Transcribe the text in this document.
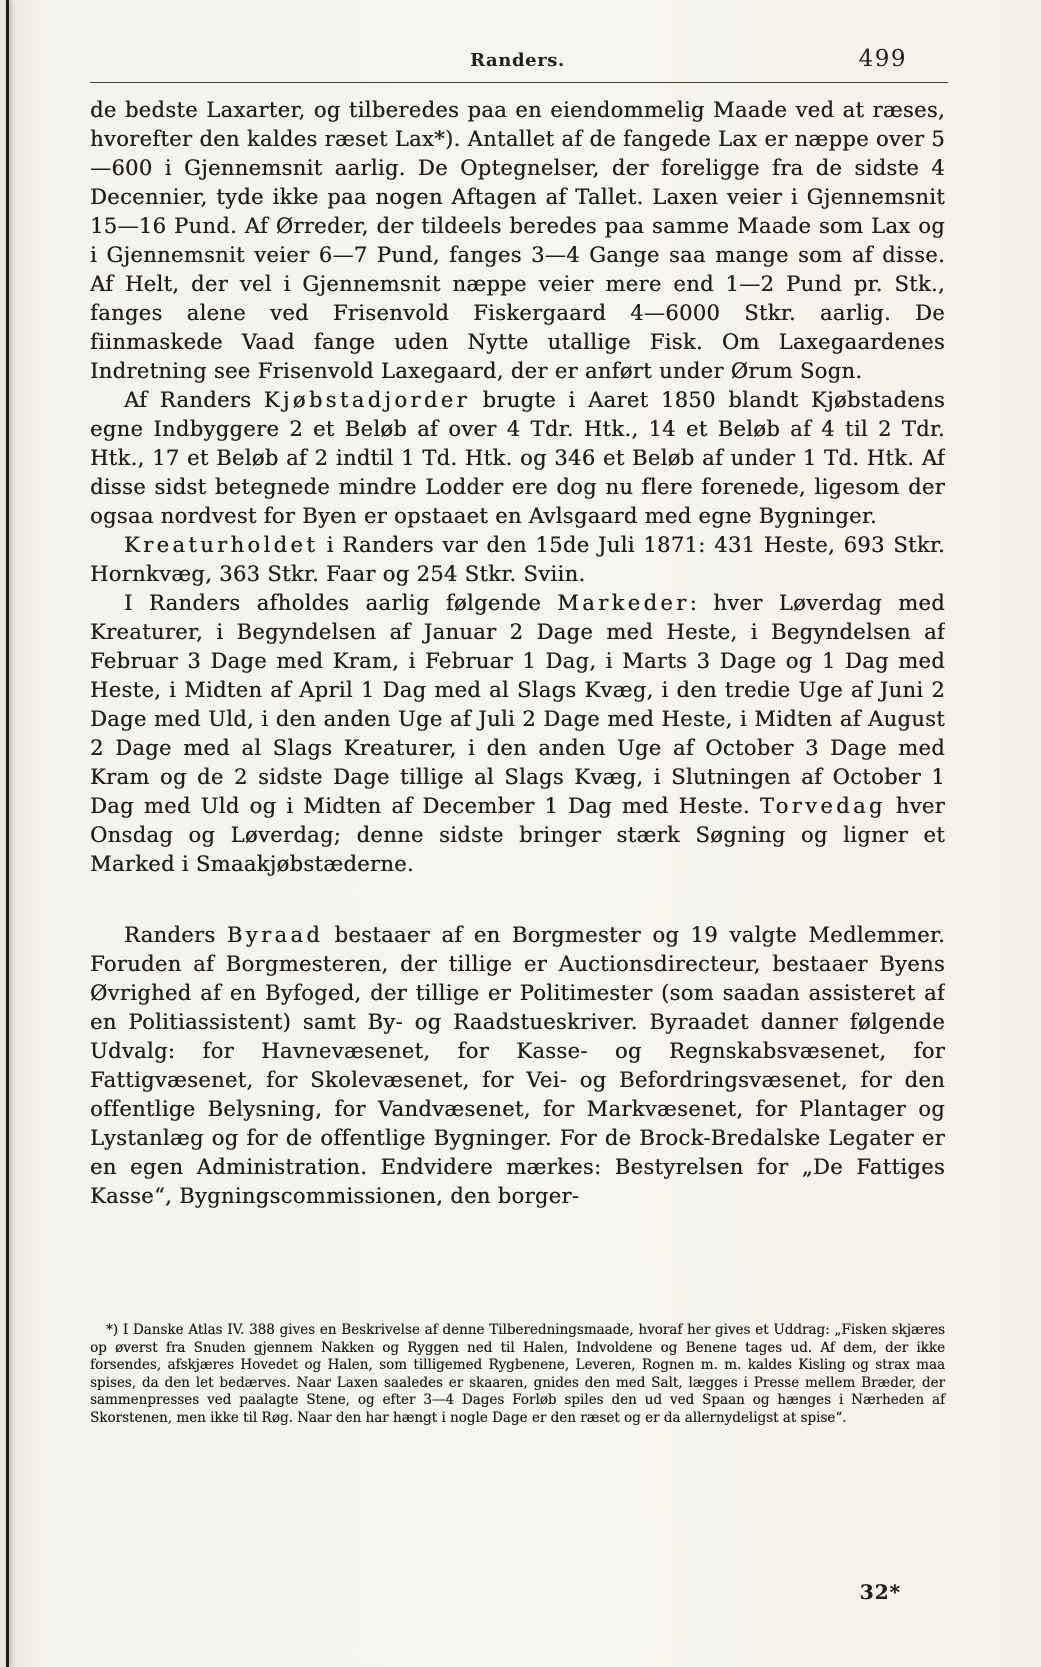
Randers.	499

de bedste Laxarter, og tilberedes paa en eiendommelig Maade ved at ræses, hvorefter den kaldes ræset Lax*). Antallet af de fangede Lax er næppe over 5—600 i Gjennemsnit aarlig. De Optegnelser, der foreligge fra de sidste 4 Decennier, tyde ikke paa nogen Aftagen af Tallet. Laxen veier i Gjennemsnit 15—16 Pund. Af Ørreder, der tildeels beredes paa samme Maade som Lax og i Gjennemsnit veier 6—7 Pund, fanges 3—4 Gange saa mange som af disse. Af Helt, der vel i Gjennemsnit næppe veier mere end 1—2 Pund pr. Stk., fanges alene ved Frisenvold Fiskergaard 4—6000 Stkr. aarlig. De fiinmaskede Vaad fange uden Nytte utallige Fisk. Om Laxegaardenes Indretning see Frisenvold Laxegaard, der er anført under Ørum Sogn.

Af Randers Kjøbstadjorder brugte i Aaret 1850 blandt Kjøbstadens egne Indbyggere 2 et Beløb af over 4 Tdr. Htk., 14 et Beløb af 4 til 2 Tdr. Htk., 17 et Beløb af 2 indtil 1 Td. Htk. og 346 et Beløb af under 1 Td. Htk. Af disse sidst betegnede mindre Lodder ere dog nu flere forenede, ligesom der ogsaa nordvest for Byen er opstaaet en Avlsgaard med egne Bygninger.

Kreaturholdet i Randers var den 15de Juli 1871: 431 Heste, 693 Stkr. Hornkvæg, 363 Stkr. Faar og 254 Stkr. Sviin.

I Randers afholdes aarlig følgende Markeder: hver Løverdag med Kreaturer, i Begyndelsen af Januar 2 Dage med Heste, i Begyndelsen af Februar 3 Dage med Kram, i Februar 1 Dag, i Marts 3 Dage og 1 Dag med Heste, i Midten af April 1 Dag med al Slags Kvæg, i den tredie Uge af Juni 2 Dage med Uld, i den anden Uge af Juli 2 Dage med Heste, i Midten af August 2 Dage med al Slags Kreaturer, i den anden Uge af October 3 Dage med Kram og de 2 sidste Dage tillige al Slags Kvæg, i Slutningen af October 1 Dag med Uld og i Midten af December 1 Dag med Heste. Torvedag hver Onsdag og Løverdag; denne sidste bringer stærk Søgning og ligner et Marked i Smaakjøbstæderne.

Randers Byraad bestaaer af en Borgmester og 19 valgte Medlemmer. Foruden af Borgmesteren, der tillige er Auctionsdirecteur, bestaaer Byens Øvrighed af en Byfoged, der tillige er Politimester (som saadan assisteret af en Politiassistent) samt By- og Raadstueskriver. Byraadet danner følgende Udvalg: for Havnevæsenet, for Kasse- og Regnskabsvæsenet, for Fattigvæsenet, for Skolevæsenet, for Vei- og Befordringsvæsenet, for den offentlige Belysning, for Vandvæsenet, for Markvæsenet, for Plantager og Lystanlæg og for de offentlige Bygninger. For de Brock-Bredalske Legater er en egen Administration. Endvidere mærkes: Bestyrelsen for „De Fattiges Kasse“, Bygningscommissionen, den borger-

*) I Danske Atlas IV. 388 gives en Beskrivelse af denne Tilberedningsmaade, hvoraf her gives et Uddrag: „Fisken skjæres op øverst fra Snuden gjennem Nakken og Ryggen ned til Halen, Indvoldene og Benene tages ud. Af dem, der ikke forsendes, afskjæres Hovedet og Halen, som tilligemed Rygbenene, Leveren, Rognen m. m. kaldes Kisling og strax maa spises, da den let bedærves. Naar Laxen saaledes er skaaren, gnides den med Salt, lægges i Presse mellem Bræder, der sammenpresses ved paalagte Stene, og efter 3—4 Dages Forløb spiles den ud ved Spaan og hænges i Nærheden af Skorstenen, men ikke til Røg. Naar den har hængt i nogle Dage er den ræset og er da allernydeligst at spise“.

32*
